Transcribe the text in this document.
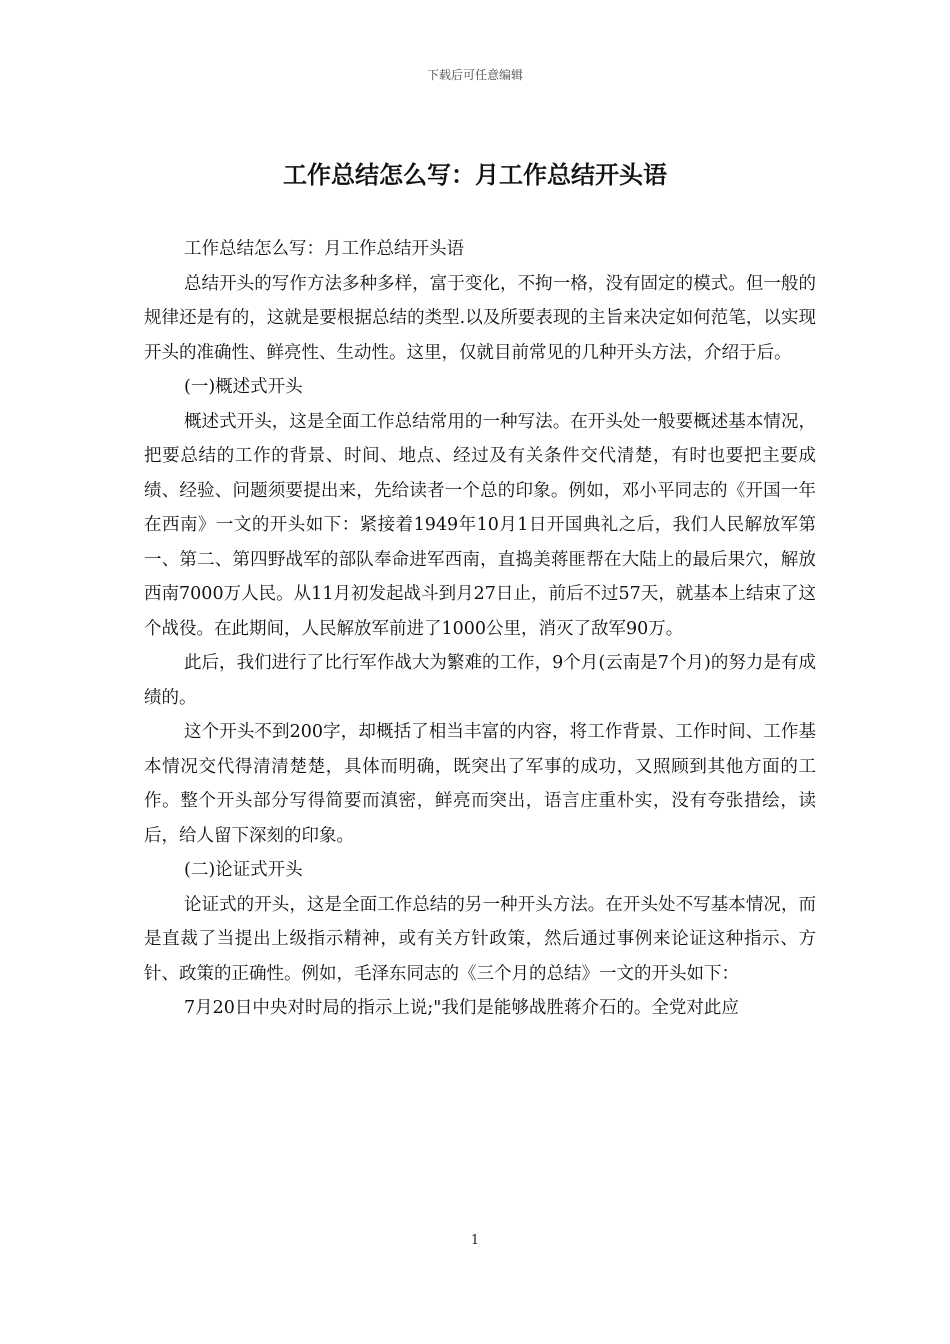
下载后可任意编辑
工作总结怎么写：月工作总结开头语

工作总结怎么写：月工作总结开头语

总结开头的写作方法多种多样，富于变化，不拘一格，没有固定的模式。但一般的规律还是有的，这就是要根据总结的类型.以及所要表现的主旨来决定如何范笔，以实现开头的准确性、鲜亮性、生动性。这里，仅就目前常见的几种开头方法，介绍于后。

(一)概述式开头

概述式开头，这是全面工作总结常用的一种写法。在开头处一般要概述基本情况，把要总结的工作的背景、时间、地点、经过及有关条件交代清楚，有时也要把主要成绩、经验、问题须要提出来，先给读者一个总的印象。例如，邓小平同志的《开国一年在西南》一文的开头如下：紧接着1949年10月1日开国典礼之后，我们人民解放军第一、第二、第四野战军的部队奉命进军西南，直捣美蒋匪帮在大陆上的最后果穴，解放西南7000万人民。从11月初发起战斗到月27日止，前后不过57天，就基本上结束了这个战役。在此期间，人民解放军前进了1000公里，消灭了敌军90万。

此后，我们进行了比行军作战大为繁难的工作，9个月(云南是7个月)的努力是有成绩的。

这个开头不到200字，却概括了相当丰富的内容，将工作背景、工作时间、工作基本情况交代得清清楚楚，具体而明确，既突出了军事的成功，又照顾到其他方面的工作。整个开头部分写得简要而滇密，鲜亮而突出，语言庄重朴实，没有夸张措绘，读后，给人留下深刻的印象。

(二)论证式开头

论证式的开头，这是全面工作总结的另一种开头方法。在开头处不写基本情况，而是直裁了当提出上级指示精神，或有关方针政策，然后通过事例来论证这种指示、方针、政策的正确性。例如，毛泽东同志的《三个月的总结》一文的开头如下：

7月20日中央对时局的指示上说;"我们是能够战胜蒋介石的。全党对此应

1
